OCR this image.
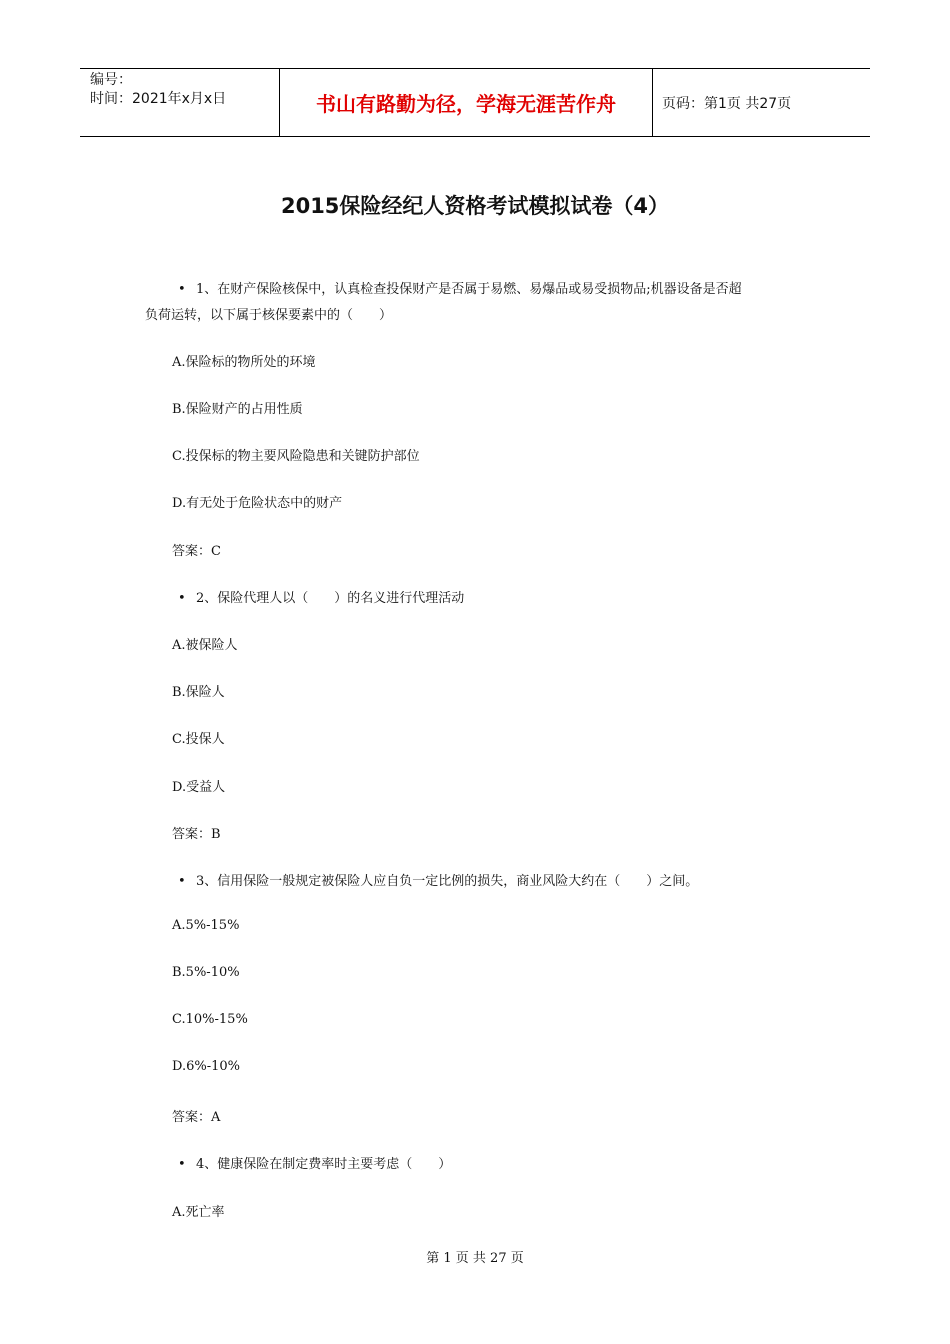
编号：
时间：2021年x月x日	书山有路勤为径，学海无涯苦作舟	页码：第1页 共27页
2015保险经纪人资格考试模拟试卷（4）
• 1、在财产保险核保中，认真检查投保财产是否属于易燃、易爆品或易受损物品;机器设备是否超
负荷运转，以下属于核保要素中的（　　）
A.保险标的物所处的环境
B.保险财产的占用性质
C.投保标的物主要风险隐患和关键防护部位
D.有无处于危险状态中的财产
答案：C
• 2、保险代理人以（　　）的名义进行代理活动
A.被保险人
B.保险人
C.投保人
D.受益人
答案：B
• 3、信用保险一般规定被保险人应自负一定比例的损失，商业风险大约在（　　）之间。
A.5%-15%
B.5%-10%
C.10%-15%
D.6%-10%
答案：A
• 4、健康保险在制定费率时主要考虑（　　）
A.死亡率
第 1 页 共 27 页
